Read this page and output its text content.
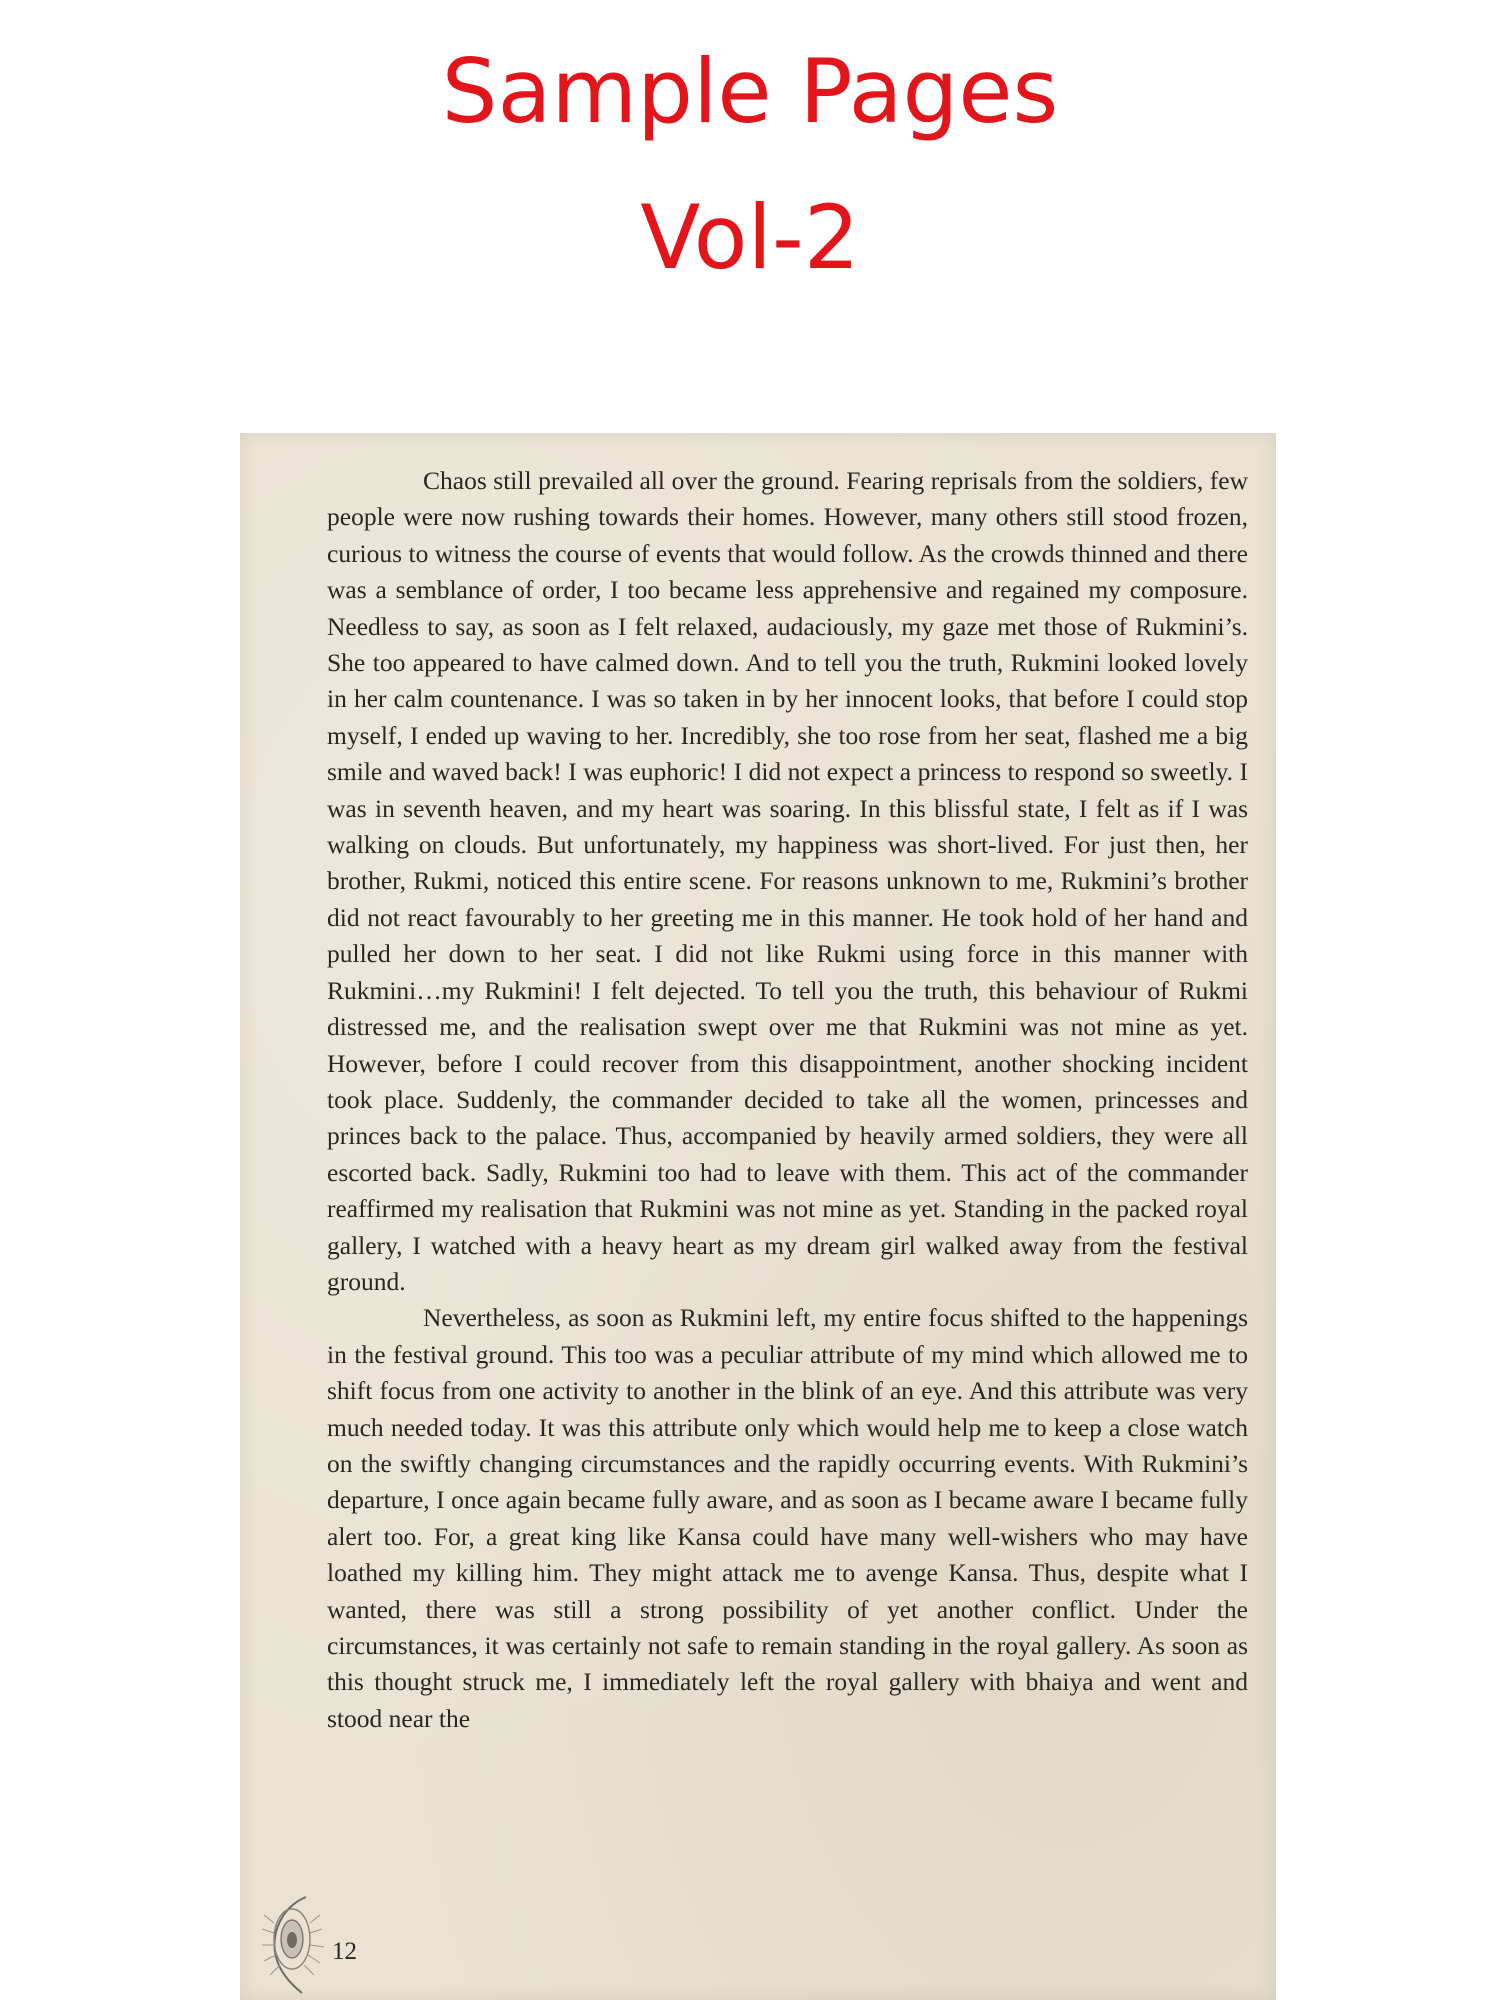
Sample Pages
Vol-2

Chaos still prevailed all over the ground. Fearing reprisals from the soldiers, few people were now rushing towards their homes. However, many others still stood frozen, curious to witness the course of events that would follow. As the crowds thinned and there was a semblance of order, I too became less apprehensive and regained my composure. Needless to say, as soon as I felt relaxed, audaciously, my gaze met those of Rukmini’s. She too appeared to have calmed down. And to tell you the truth, Rukmini looked lovely in her calm countenance. I was so taken in by her innocent looks, that before I could stop myself, I ended up waving to her. Incredibly, she too rose from her seat, flashed me a big smile and waved back! I was euphoric! I did not expect a princess to respond so sweetly. I was in seventh heaven, and my heart was soaring. In this blissful state, I felt as if I was walking on clouds. But unfortunately, my happiness was short-lived. For just then, her brother, Rukmi, noticed this entire scene. For reasons unknown to me, Rukmini’s brother did not react favourably to her greeting me in this manner. He took hold of her hand and pulled her down to her seat. I did not like Rukmi using force in this manner with Rukmini…my Rukmini! I felt dejected. To tell you the truth, this behaviour of Rukmi distressed me, and the realisation swept over me that Rukmini was not mine as yet. However, before I could recover from this disappointment, another shocking incident took place. Suddenly, the commander decided to take all the women, princesses and princes back to the palace. Thus, accompanied by heavily armed soldiers, they were all escorted back. Sadly, Rukmini too had to leave with them. This act of the commander reaffirmed my realisation that Rukmini was not mine as yet. Standing in the packed royal gallery, I watched with a heavy heart as my dream girl walked away from the festival ground.

Nevertheless, as soon as Rukmini left, my entire focus shifted to the happenings in the festival ground. This too was a peculiar attribute of my mind which allowed me to shift focus from one activity to another in the blink of an eye. And this attribute was very much needed today. It was this attribute only which would help me to keep a close watch on the swiftly changing circumstances and the rapidly occurring events. With Rukmini’s departure, I once again became fully aware, and as soon as I became aware I became fully alert too. For, a great king like Kansa could have many well-wishers who may have loathed my killing him. They might attack me to avenge Kansa. Thus, despite what I wanted, there was still a strong possibility of yet another conflict. Under the circumstances, it was certainly not safe to remain standing in the royal gallery. As soon as this thought struck me, I immediately left the royal gallery with bhaiya and went and stood near the

12
